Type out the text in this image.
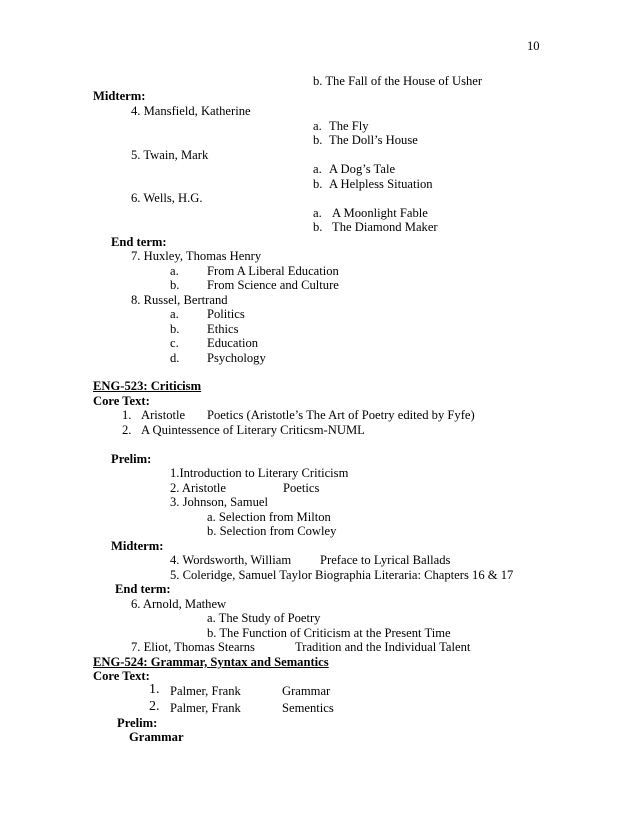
10
b. The Fall of the House of Usher
Midterm:
4. Mansfield, Katherine
a. The Fly
b. The Doll’s House
5. Twain, Mark
a. A Dog’s Tale
b. A Helpless Situation
6. Wells, H.G.
a. A Moonlight Fable
b. The Diamond Maker
End term:
7. Huxley, Thomas Henry
a. From A Liberal Education
b. From Science and Culture
8. Russel, Bertrand
a. Politics
b. Ethics
c. Education
d. Psychology
ENG-523: Criticism
Core Text:
1. Aristotle Poetics (Aristotle’s The Art of Poetry edited by Fyfe)
2. A Quintessence of Literary Criticsm-NUML
Prelim:
1.Introduction to Literary Criticism
2. Aristotle	Poetics
3. Johnson, Samuel
a. Selection from Milton
b. Selection from Cowley
Midterm:
4. Wordsworth, William Preface to Lyrical Ballads
5. Coleridge, Samuel Taylor Biographia Literaria: Chapters 16 & 17
End term:
6. Arnold, Mathew
a. The Study of Poetry
b. The Function of Criticism at the Present Time
7. Eliot, Thomas Stearns	Tradition and the Individual Talent
ENG-524: Grammar, Syntax and Semantics
Core Text:
1. Palmer, Frank	Grammar
2. Palmer, Frank	Sementics
Prelim:
Grammar
